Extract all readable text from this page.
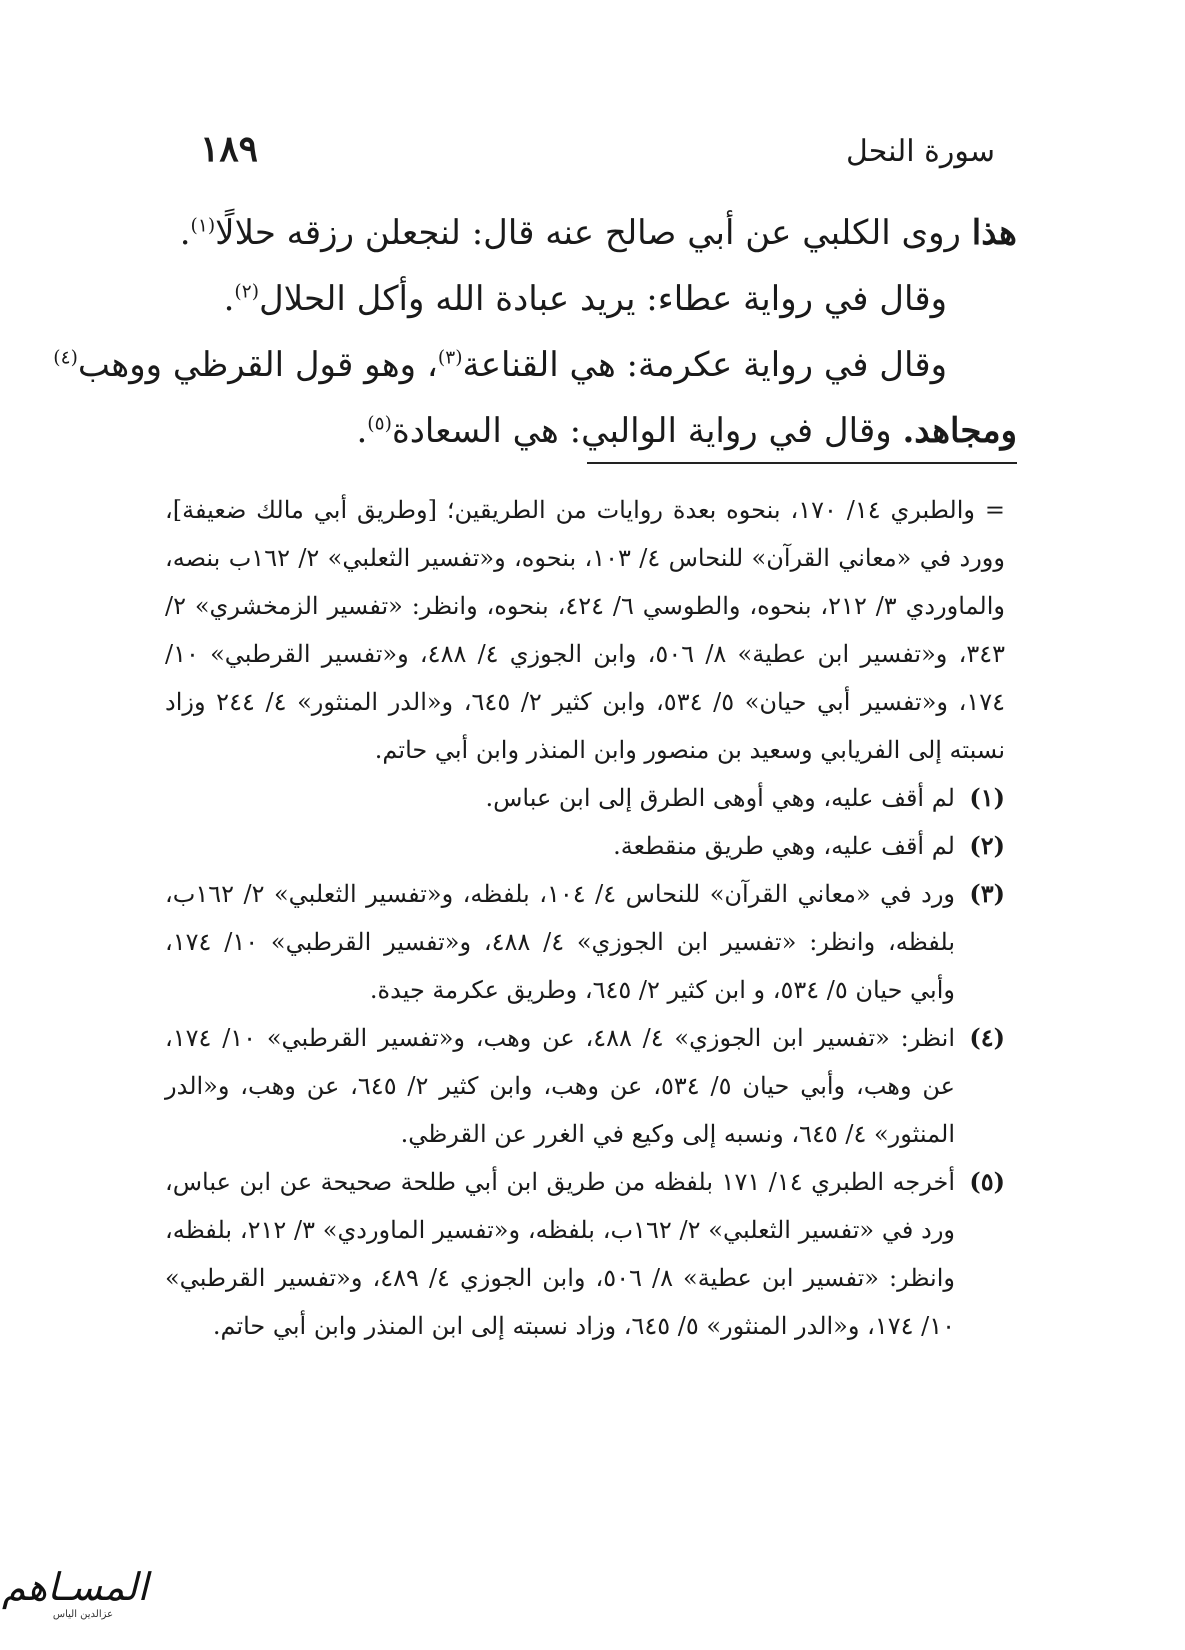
سورة النحل
١٨٩
هذا روى الكلبي عن أبي صالح عنه قال: لنجعلن رزقه حلالًا$^{(١)}$.
وقال في رواية عطاء: يريد عبادة الله وأكل الحلال$^{(٢)}$.
وقال في رواية عكرمة: هي القناعة$^{(٣)}$، وهو قول القرظي ووهب$^{(٤)}$
ومجاهد. وقال في رواية الوالبي: هي السعادة$^{(٥)}$.
= والطبري ١٤/ ١٧٠، بنحوه بعدة روايات من الطريقين؛ [وطريق أبي مالك ضعيفة]، وورد في «معاني القرآن» للنحاس ٤/ ١٠٣، بنحوه، و«تفسير الثعلبي» ٢/ ١٦٢ب بنصه، والماوردي ٣/ ٢١٢، بنحوه، والطوسي ٦/ ٤٢٤، بنحوه، وانظر: «تفسير الزمخشري» ٢/ ٣٤٣، و«تفسير ابن عطية» ٨/ ٥٠٦، وابن الجوزي ٤/ ٤٨٨، و«تفسير القرطبي» ١٠/ ١٧٤، و«تفسير أبي حيان» ٥/ ٥٣٤، وابن كثير ٢/ ٦٤٥، و«الدر المنثور» ٤/ ٢٤٤ وزاد نسبته إلى الفريابي وسعيد بن منصور وابن المنذر وابن أبي حاتم.
(١)
لم أقف عليه، وهي أوهى الطرق إلى ابن عباس.
(٢)
لم أقف عليه، وهي طريق منقطعة.
(٣)
ورد في «معاني القرآن» للنحاس ٤/ ١٠٤، بلفظه، و«تفسير الثعلبي» ٢/ ١٦٢ب، بلفظه، وانظر: «تفسير ابن الجوزي» ٤/ ٤٨٨، و«تفسير القرطبي» ١٠/ ١٧٤، وأبي حيان ٥/ ٥٣٤، و ابن كثير ٢/ ٦٤٥، وطريق عكرمة جيدة.
(٤)
انظر: «تفسير ابن الجوزي» ٤/ ٤٨٨، عن وهب، و«تفسير القرطبي» ١٠/ ١٧٤، عن وهب، وأبي حيان ٥/ ٥٣٤، عن وهب، وابن كثير ٢/ ٦٤٥، عن وهب، و«الدر المنثور» ٤/ ٦٤٥، ونسبه إلى وكيع في الغرر عن القرظي.
(٥)
أخرجه الطبري ١٤/ ١٧١ بلفظه من طريق ابن أبي طلحة صحيحة عن ابن عباس، ورد في «تفسير الثعلبي» ٢/ ١٦٢ب، بلفظه، و«تفسير الماوردي» ٣/ ٢١٢، بلفظه، وانظر: «تفسير ابن عطية» ٨/ ٥٠٦، وابن الجوزي ٤/ ٤٨٩، و«تفسير القرطبي» ١٠/ ١٧٤، و«الدر المنثور» ٥/ ٦٤٥، وزاد نسبته إلى ابن المنذر وابن أبي حاتم.
المسـاهم
عزالدين الياس
